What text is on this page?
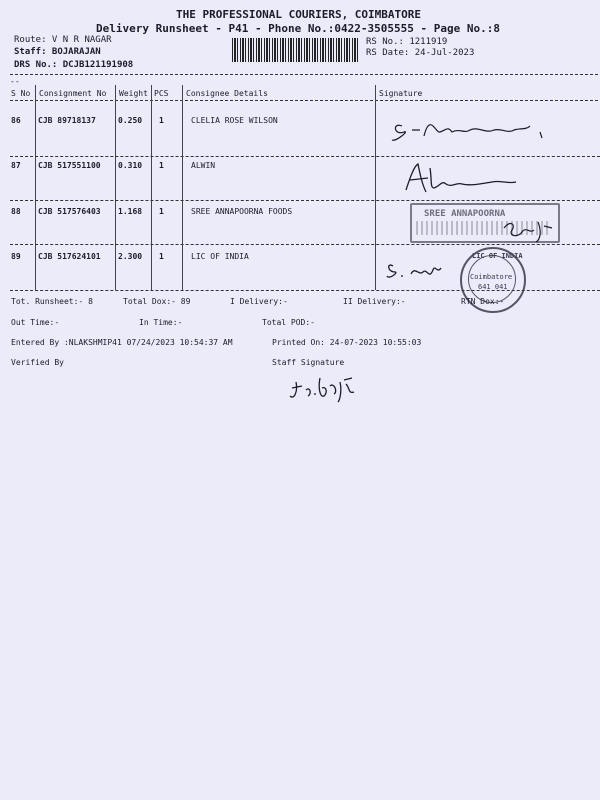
THE PROFESSIONAL COURIERS, COIMBATORE
Delivery Runsheet - P41 - Phone No.:0422-3505555 - Page No.:8
Route: V N R NAGAR
Staff: BOJARAJAN
DRS No.: DCJB121191908
RS No.: 1211919
RS Date: 24-Jul-2023
--
S No Consignment No Weight PCS Consignee Details	Signature
86 CJB 89718137	0.250 1	CLELIA ROSE WILSON
87 CJB 517551100 0.310 1	ALWIN
88 CJB 517576403 1.168 1	SREE ANNAPOORNA FOODS	SREE ANNAPOORNA
89 CJB 517624101 2.300 1	LIC OF INDIA	LIC OF INDIA
Coimbatore
641 041
Tot. Runsheet:- 8	Total Dox:- 89	I Delivery:-	II Delivery:-	RTN Dox:-
Out Time:-	In Time:-	Total POD:-
Entered By :NLAKSHMIP41 07/24/2023 10:54:37 AM	Printed On: 24-07-2023 10:55:03
Verified By	Staff Signature
